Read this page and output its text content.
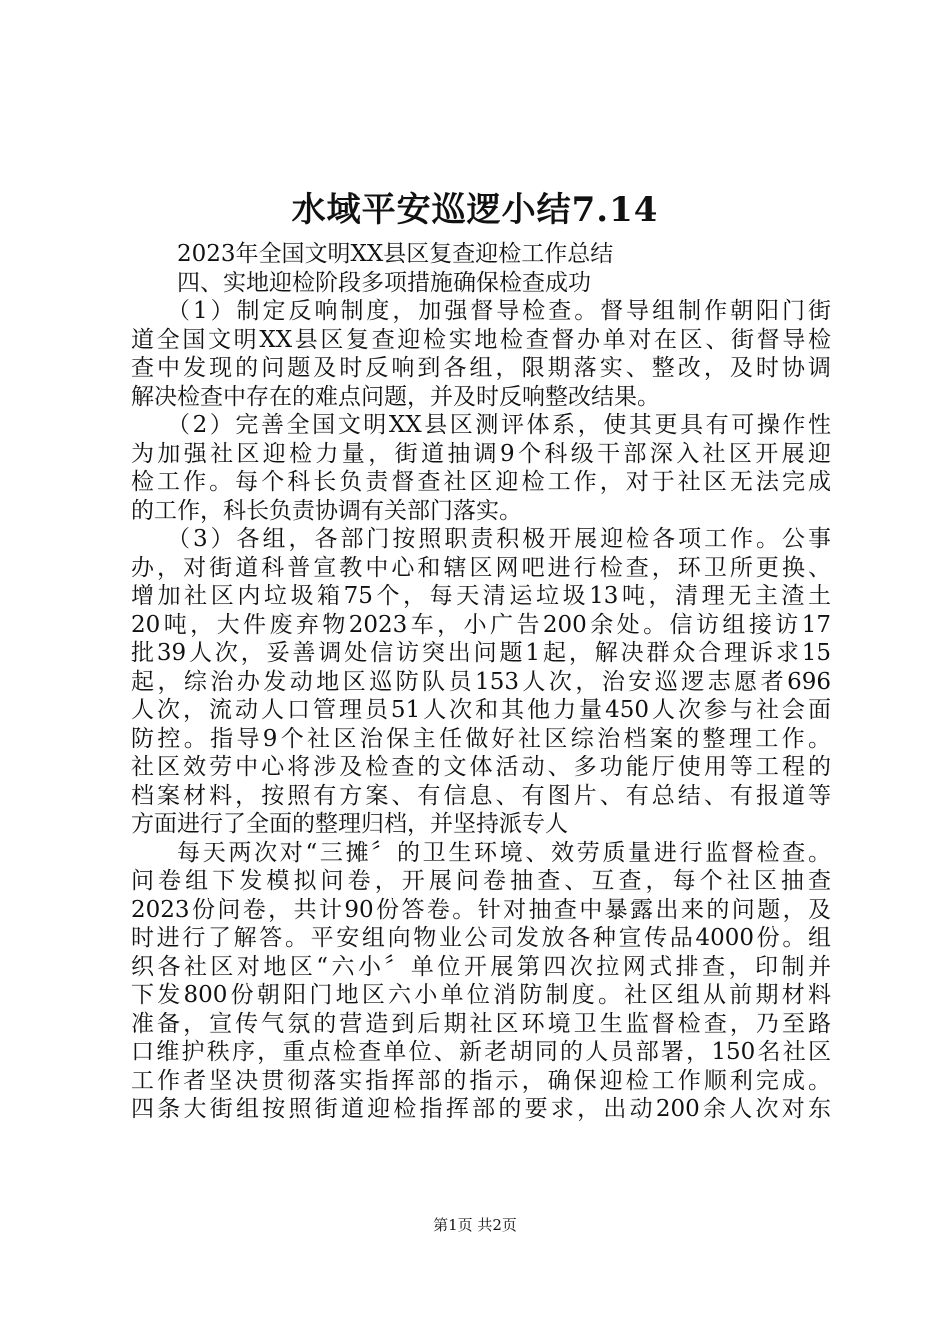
水域平安巡逻小结7.14
2023年全国文明XX县区复查迎检工作总结
四、实地迎检阶段多项措施确保检查成功
（1）制定反响制度，加强督导检查。督导组制作朝阳门街
道全国文明XX县区复查迎检实地检查督办单对在区、街督导检
查中发现的问题及时反响到各组，限期落实、整改，及时协调
解决检查中存在的难点问题，并及时反响整改结果。
（2）完善全国文明XX县区测评体系，使其更具有可操作性
为加强社区迎检力量，街道抽调9个科级干部深入社区开展迎
检工作。每个科长负责督查社区迎检工作，对于社区无法完成
的工作，科长负责协调有关部门落实。
（3）各组，各部门按照职责积极开展迎检各项工作。公事
办，对街道科普宣教中心和辖区网吧进行检查，环卫所更换、
增加社区内垃圾箱75个，每天清运垃圾13吨，清理无主渣土
20吨，大件废弃物2023车，小广告200余处。信访组接访17
批39人次，妥善调处信访突出问题1起，解决群众合理诉求15
起，综治办发动地区巡防队员153人次，治安巡逻志愿者696
人次，流动人口管理员51人次和其他力量450人次参与社会面
防控。指导9个社区治保主任做好社区综治档案的整理工作。
社区效劳中心将涉及检查的文体活动、多功能厅使用等工程的
档案材料，按照有方案、有信息、有图片、有总结、有报道等
方面进行了全面的整理归档，并坚持派专人
每天两次对“三摊〞的卫生环境、效劳质量进行监督检查。
问卷组下发模拟问卷，开展问卷抽查、互查，每个社区抽查
2023份问卷，共计90份答卷。针对抽查中暴露出来的问题，及
时进行了解答。平安组向物业公司发放各种宣传品4000份。组
织各社区对地区“六小〞单位开展第四次拉网式排查，印制并
下发800份朝阳门地区六小单位消防制度。社区组从前期材料
准备，宣传气氛的营造到后期社区环境卫生监督检查，乃至路
口维护秩序，重点检查单位、新老胡同的人员部署，150名社区
工作者坚决贯彻落实指挥部的指示，确保迎检工作顺利完成。
四条大街组按照街道迎检指挥部的要求，出动200余人次对东
第1页 共2页
